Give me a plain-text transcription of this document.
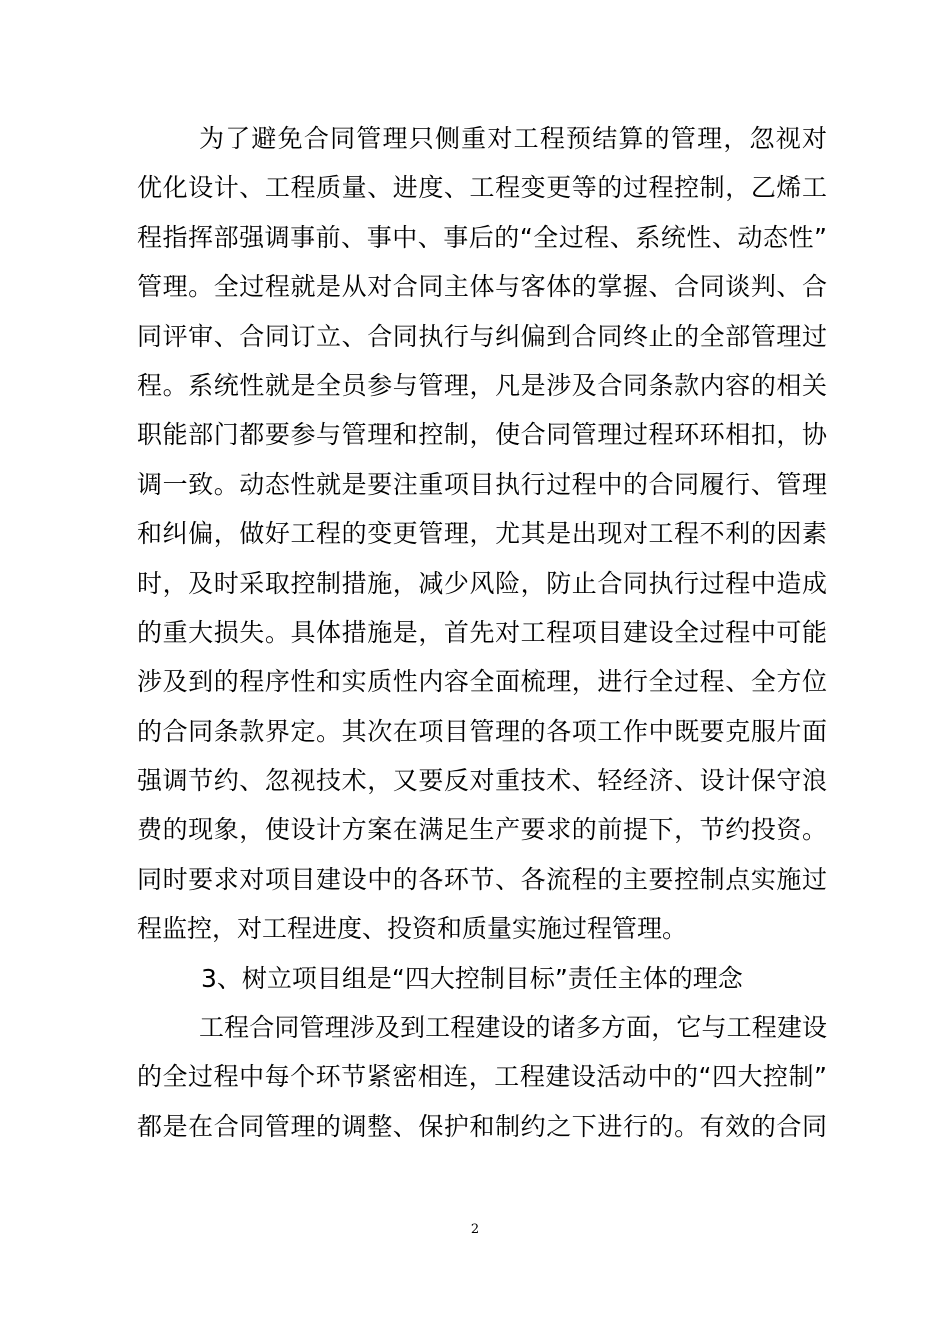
为了避免合同管理只侧重对工程预结算的管理，忽视对
优化设计、工程质量、进度、工程变更等的过程控制，乙烯工
程指挥部强调事前、事中、事后的“全过程、系统性、动态性”
管理。全过程就是从对合同主体与客体的掌握、合同谈判、合
同评审、合同订立、合同执行与纠偏到合同终止的全部管理过
程。系统性就是全员参与管理，凡是涉及合同条款内容的相关
职能部门都要参与管理和控制，使合同管理过程环环相扣，协
调一致。动态性就是要注重项目执行过程中的合同履行、管理
和纠偏，做好工程的变更管理，尤其是出现对工程不利的因素
时，及时采取控制措施，减少风险，防止合同执行过程中造成
的重大损失。具体措施是，首先对工程项目建设全过程中可能
涉及到的程序性和实质性内容全面梳理，进行全过程、全方位
的合同条款界定。其次在项目管理的各项工作中既要克服片面
强调节约、忽视技术，又要反对重技术、轻经济、设计保守浪
费的现象，使设计方案在满足生产要求的前提下，节约投资。
同时要求对项目建设中的各环节、各流程的主要控制点实施过
程监控，对工程进度、投资和质量实施过程管理。
3、树立项目组是“四大控制目标”责任主体的理念
工程合同管理涉及到工程建设的诸多方面，它与工程建设
的全过程中每个环节紧密相连，工程建设活动中的“四大控制”
都是在合同管理的调整、保护和制约之下进行的。有效的合同
2
